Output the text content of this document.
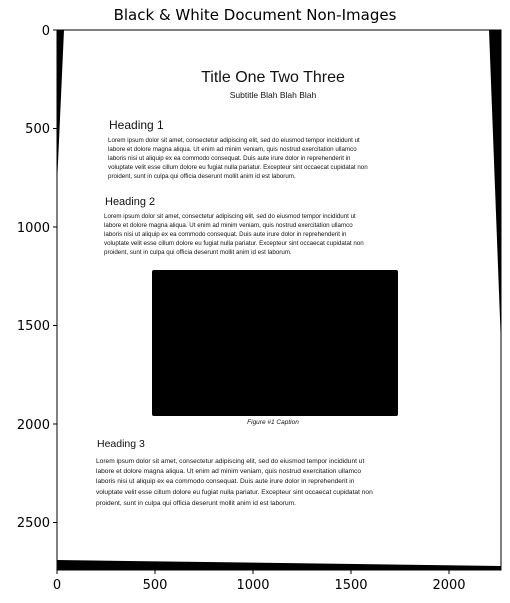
Black & White Document Non-Images
Title One Two Three
Subtitle Blah Blah Blah
Heading 1
Lorem ipsum dolor sit amet, consectetur adipiscing elit, sed do eiusmod tempor incididunt ut
labore et dolore magna aliqua. Ut enim ad minim veniam, quis nostrud exercitation ullamco
laboris nisi ut aliquip ex ea commodo consequat. Duis aute irure dolor in reprehenderit in
voluptate velit esse cillum dolore eu fugiat nulla pariatur. Excepteur sint occaecat cupidatat non
proident, sunt in culpa qui officia deserunt mollit anim id est laborum.
Heading 2
Lorem ipsum dolor sit amet, consectetur adipiscing elit, sed do eiusmod tempor incididunt ut
labore et dolore magna aliqua. Ut enim ad minim veniam, quis nostrud exercitation ullamco
laboris nisi ut aliquip ex ea commodo consequat. Duis aute irure dolor in reprehenderit in
voluptate velit esse cillum dolore eu fugiat nulla pariatur. Excepteur sint occaecat cupidatat non
proident, sunt in culpa qui officia deserunt mollit anim id est laborum.
Figure #1 Caption
Heading 3
Lorem ipsum dolor sit amet, consectetur adipiscing elit, sed do eiusmod tempor incididunt ut
labore et dolore magna aliqua. Ut enim ad minim veniam, quis nostrud exercitation ullamco
laboris nisi ut aliquip ex ea commodo consequat. Duis aute irure dolor in reprehenderit in
voluptate velit esse cillum dolore eu fugiat nulla pariatur. Excepteur sint occaecat cupidatat non
proident, sunt in culpa qui officia deserunt mollit anim id est laborum.
0	500	1000	1500	2000
0
500
1000
1500
2000
2500
